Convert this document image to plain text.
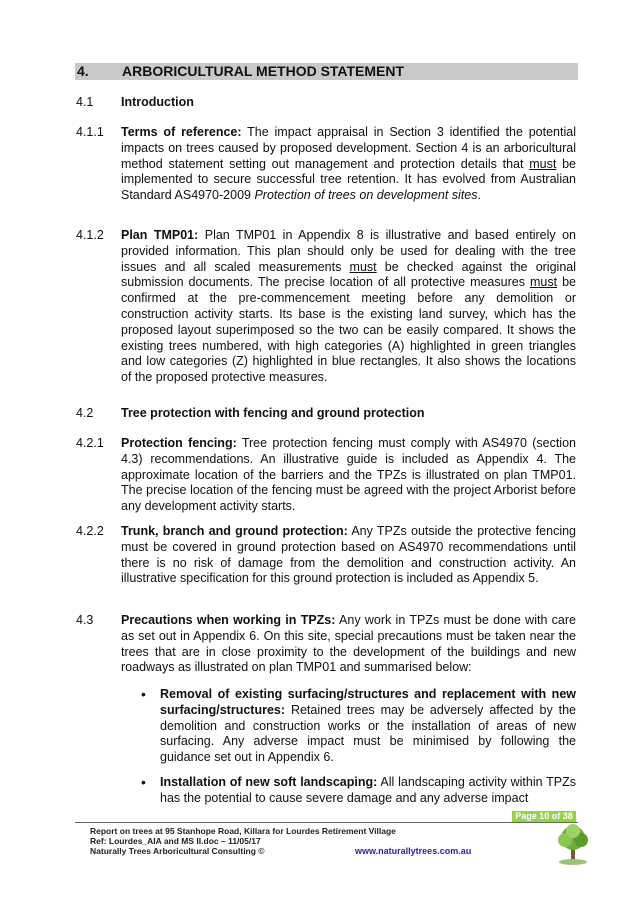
4. ARBORICULTURAL METHOD STATEMENT
4.1 Introduction
4.1.1 Terms of reference: The impact appraisal in Section 3 identified the potential impacts on trees caused by proposed development. Section 4 is an arboricultural method statement setting out management and protection details that must be implemented to secure successful tree retention. It has evolved from Australian Standard AS4970-2009 Protection of trees on development sites.
4.1.2 Plan TMP01: Plan TMP01 in Appendix 8 is illustrative and based entirely on provided information. This plan should only be used for dealing with the tree issues and all scaled measurements must be checked against the original submission documents. The precise location of all protective measures must be confirmed at the pre-commencement meeting before any demolition or construction activity starts. Its base is the existing land survey, which has the proposed layout superimposed so the two can be easily compared. It shows the existing trees numbered, with high categories (A) highlighted in green triangles and low categories (Z) highlighted in blue rectangles. It also shows the locations of the proposed protective measures.
4.2 Tree protection with fencing and ground protection
4.2.1 Protection fencing: Tree protection fencing must comply with AS4970 (section 4.3) recommendations. An illustrative guide is included as Appendix 4. The approximate location of the barriers and the TPZs is illustrated on plan TMP01. The precise location of the fencing must be agreed with the project Arborist before any development activity starts.
4.2.2 Trunk, branch and ground protection: Any TPZs outside the protective fencing must be covered in ground protection based on AS4970 recommendations until there is no risk of damage from the demolition and construction activity. An illustrative specification for this ground protection is included as Appendix 5.
4.3 Precautions when working in TPZs: Any work in TPZs must be done with care as set out in Appendix 6. On this site, special precautions must be taken near the trees that are in close proximity to the development of the buildings and new roadways as illustrated on plan TMP01 and summarised below:
• Removal of existing surfacing/structures and replacement with new surfacing/structures: Retained trees may be adversely affected by the demolition and construction works or the installation of areas of new surfacing. Any adverse impact must be minimised by following the guidance set out in Appendix 6.
• Installation of new soft landscaping: All landscaping activity within TPZs has the potential to cause severe damage and any adverse impact
Page 10 of 38
Report on trees at 95 Stanhope Road, Killara for Lourdes Retirement Village
Ref: Lourdes_AIA and MS II.doc – 11/05/17
Naturally Trees Arboricultural Consulting ©	www.naturallytrees.com.au
